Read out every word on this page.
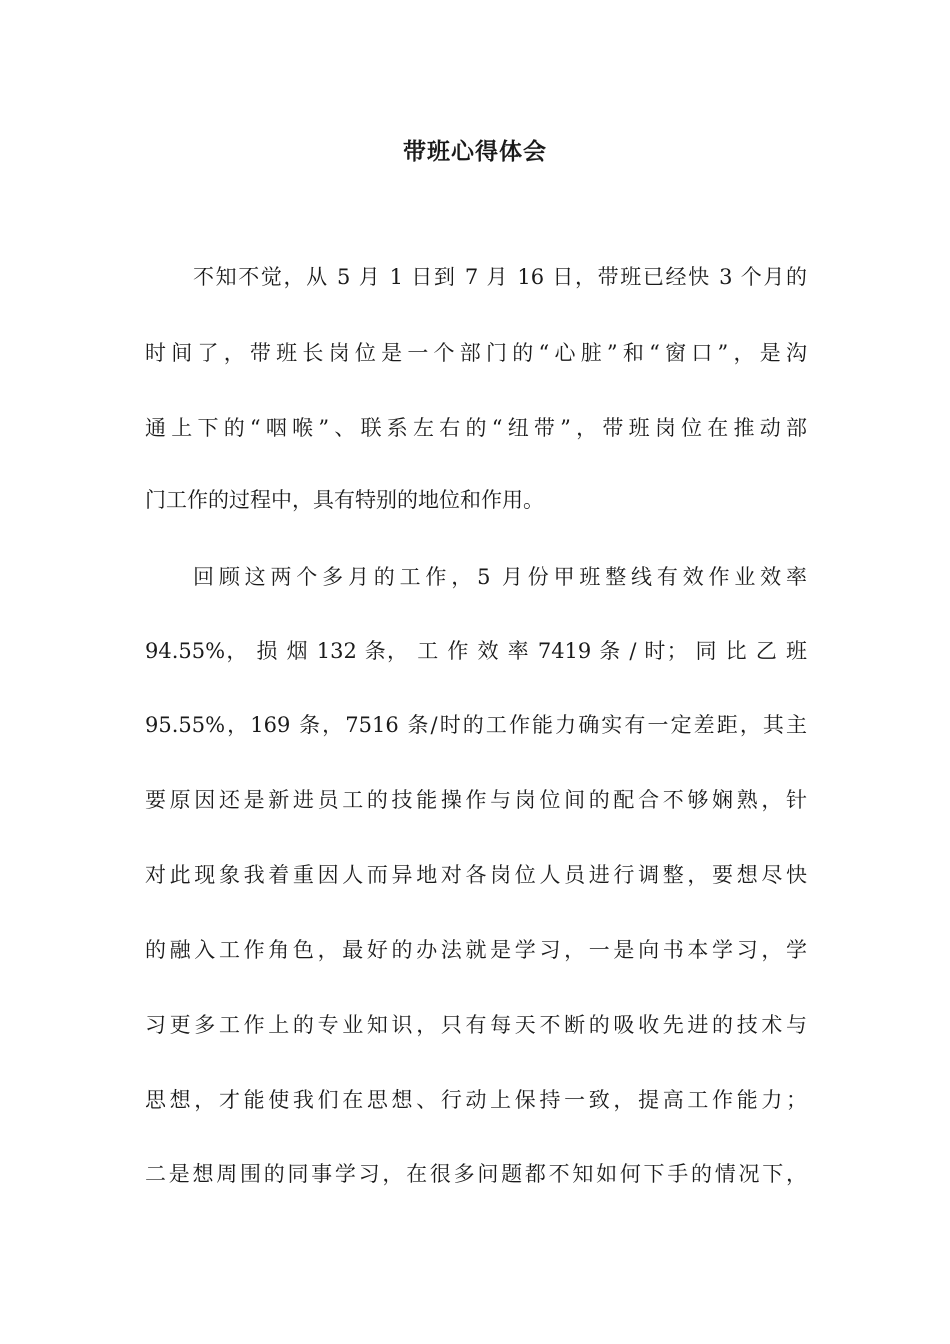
带班心得体会

不知不觉，从 5 月 1 日到 7 月 16 日，带班已经快 3 个月的

时间了，带班长岗位是一个部门的“心脏”和“窗口”，是沟

通上下的“咽喉”、联系左右的“纽带”，带班岗位在推动部

门工作的过程中，具有特别的地位和作用。

回顾这两个多月的工作，5 月份甲班整线有效作业效率

94.55%， 损 烟 132 条， 工 作 效 率 7419 条 / 时； 同 比 乙 班

95.55%，169 条，7516 条/时的工作能力确实有一定差距，其主

要原因还是新进员工的技能操作与岗位间的配合不够娴熟，针

对此现象我着重因人而异地对各岗位人员进行调整，要想尽快

的融入工作角色，最好的办法就是学习，一是向书本学习，学

习更多工作上的专业知识，只有每天不断的吸收先进的技术与

思想，才能使我们在思想、行动上保持一致，提高工作能力；

二是想周围的同事学习，在很多问题都不知如何下手的情况下，
